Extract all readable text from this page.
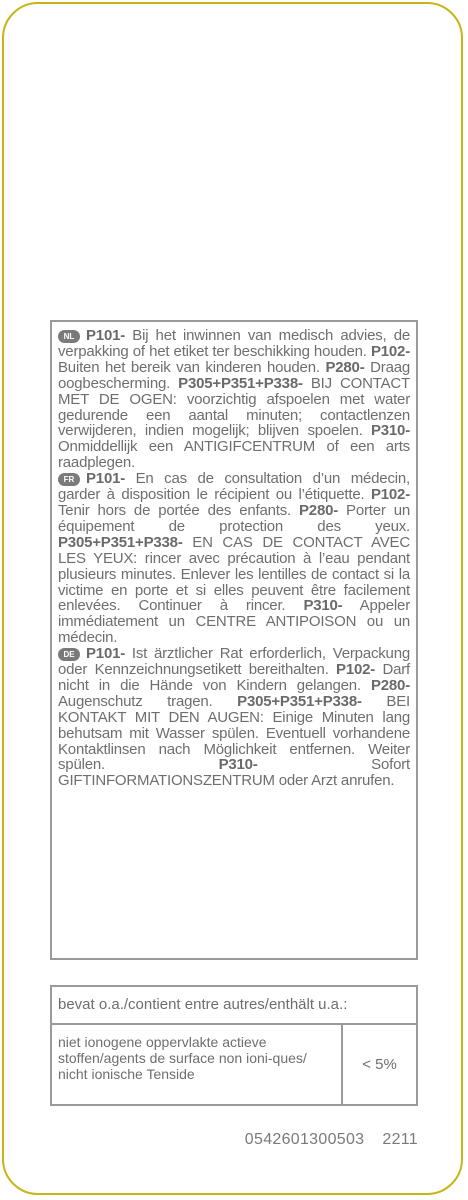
NL P101- Bij het inwinnen van medisch advies, de verpakking of het etiket ter beschikking houden. P102- Buiten het bereik van kinderen houden. P280- Draag oogbescherming. P305+P351+P338- BIJ CONTACT MET DE OGEN: voorzichtig afspoelen met water gedurende een aantal minuten; contactlenzen verwijderen, indien mogelijk; blijven spoelen. P310- Onmiddellijk een ANTIGIFCENTRUM of een arts raadplegen.

FR P101- En cas de consultation d’un médecin, garder à disposition le récipient ou l’étiquette. P102- Tenir hors de portée des enfants. P280- Porter un équipement de protection des yeux. P305+P351+P338- EN CAS DE CONTACT AVEC LES YEUX: rincer avec précaution à l’eau pendant plusieurs minutes. Enlever les lentilles de contact si la victime en porte et si elles peuvent être facilement enlevées. Continuer à rincer. P310- Appeler immédiatement un CENTRE ANTIPOISON ou un médecin.

DE P101- Ist ärztlicher Rat erforderlich, Verpackung oder Kennzeichnungsetikett bereithalten. P102- Darf nicht in die Hände von Kindern gelangen. P280- Augenschutz tragen. P305+P351+P338- BEI KONTAKT MIT DEN AUGEN: Einige Minuten lang behutsam mit Wasser spülen. Eventuell vorhandene Kontaktlinsen nach Möglichkeit entfernen. Weiter spülen. P310- Sofort GIFTINFORMATIONSZENTRUM oder Arzt anrufen.

bevat o.a./contient entre autres/enthält u.a.:
niet ionogene oppervlakte actieve stoffen/agents de surface non ioni-ques/ nicht ionische Tenside
< 5%
0542601300503 2211
